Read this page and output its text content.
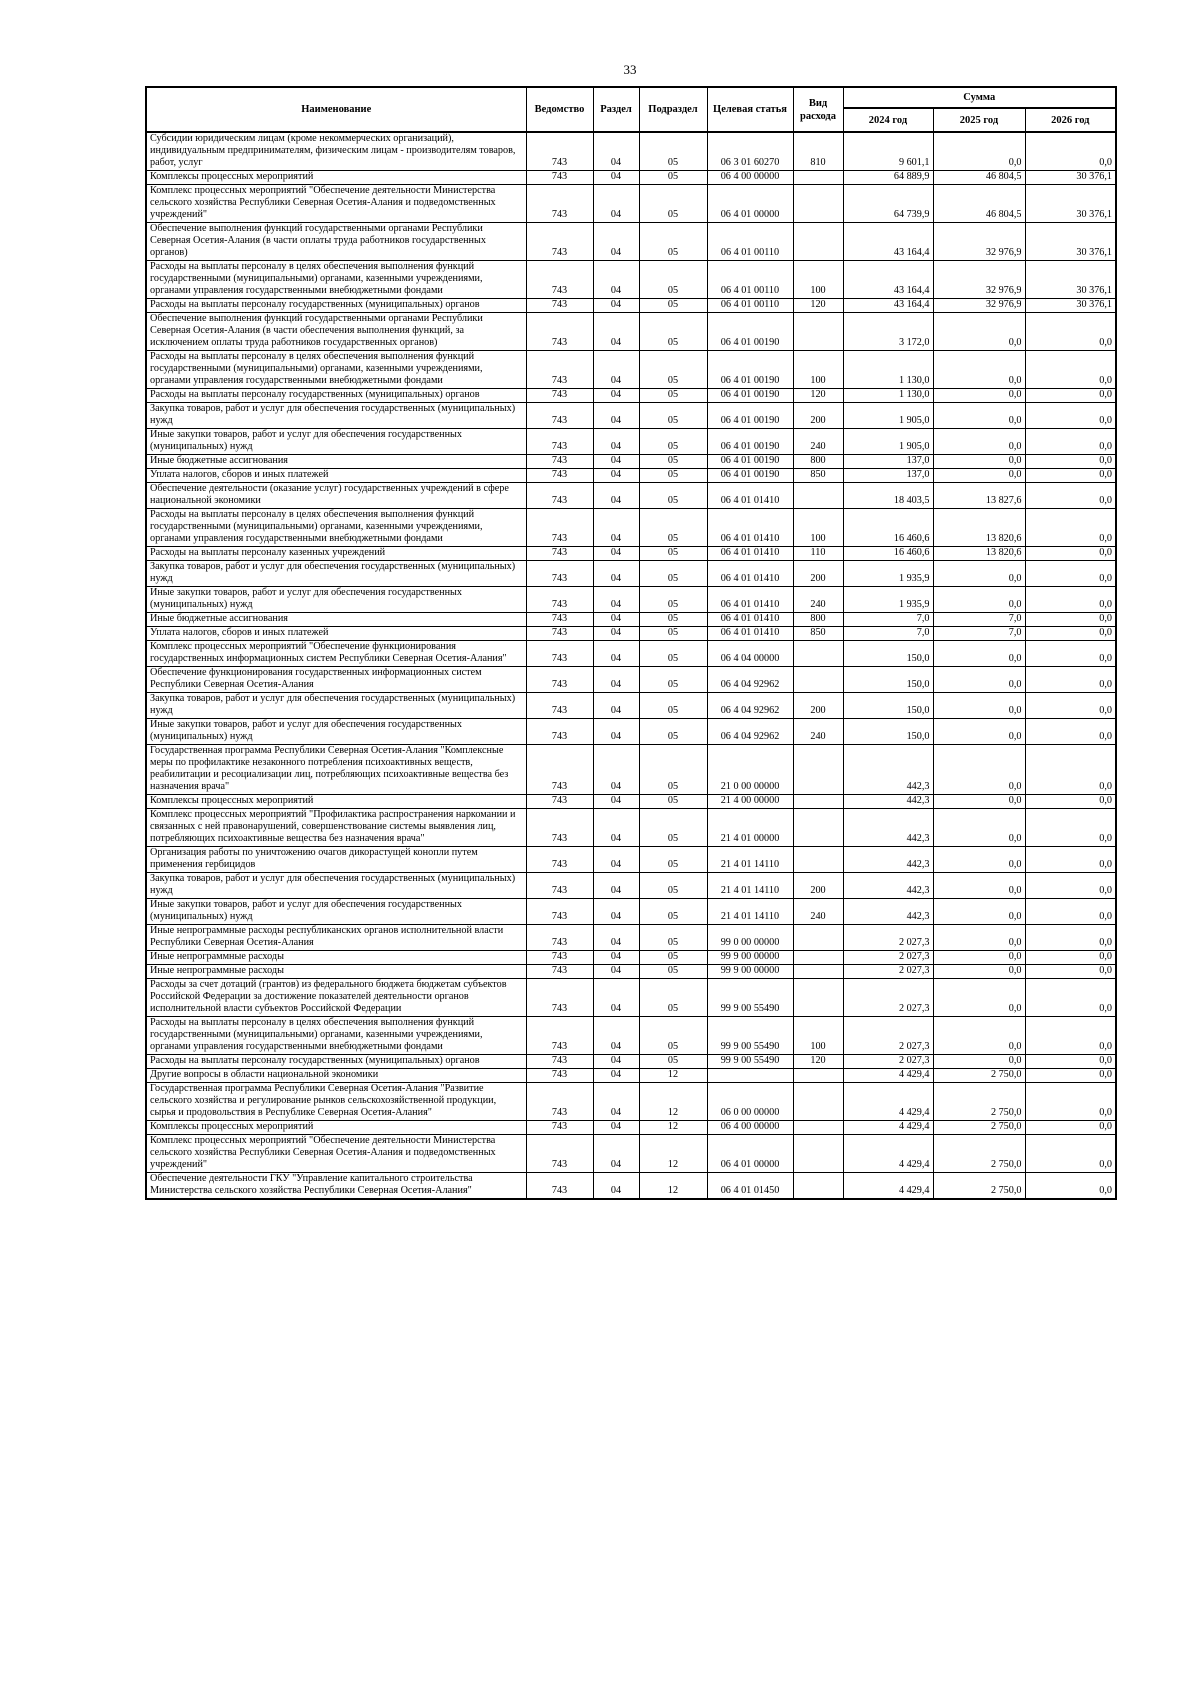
33
Наименование	Ведомство	Раздел	Подраздел	Целевая статья	Вид расхода	Сумма		
						2024 год	2025 год	2026 год
Субсидии юридическим лицам (кроме некоммерческих организаций), индивидуальным предпринимателям, физическим лицам - производителям товаров, работ, услуг	743	04	05	06 3 01 60270	810	9 601,1	0,0	0,0
Комплексы процессных мероприятий	743	04	05	06 4 00 00000		64 889,9	46 804,5	30 376,1
Комплекс процессных мероприятий "Обеспечение деятельности Министерства сельского хозяйства Республики Северная Осетия-Алания и подведомственных учреждений"	743	04	05	06 4 01 00000		64 739,9	46 804,5	30 376,1
Обеспечение выполнения функций государственными органами Республики Северная Осетия-Алания (в части оплаты труда работников государственных органов)	743	04	05	06 4 01 00110		43 164,4	32 976,9	30 376,1
Расходы на выплаты персоналу в целях обеспечения выполнения функций государственными (муниципальными) органами, казенными учреждениями, органами управления государственными внебюджетными фондами	743	04	05	06 4 01 00110	100	43 164,4	32 976,9	30 376,1
Расходы на выплаты персоналу государственных (муниципальных) органов	743	04	05	06 4 01 00110	120	43 164,4	32 976,9	30 376,1
Обеспечение выполнения функций государственными органами Республики Северная Осетия-Алания (в части обеспечения выполнения функций, за исключением оплаты труда работников государственных органов)	743	04	05	06 4 01 00190		3 172,0	0,0	0,0
Расходы на выплаты персоналу в целях обеспечения выполнения функций государственными (муниципальными) органами, казенными учреждениями, органами управления государственными внебюджетными фондами	743	04	05	06 4 01 00190	100	1 130,0	0,0	0,0
Расходы на выплаты персоналу государственных (муниципальных) органов	743	04	05	06 4 01 00190	120	1 130,0	0,0	0,0
Закупка товаров, работ и услуг для обеспечения государственных (муниципальных) нужд	743	04	05	06 4 01 00190	200	1 905,0	0,0	0,0
Иные закупки товаров, работ и услуг для обеспечения государственных (муниципальных) нужд	743	04	05	06 4 01 00190	240	1 905,0	0,0	0,0
Иные бюджетные ассигнования	743	04	05	06 4 01 00190	800	137,0	0,0	0,0
Уплата налогов, сборов и иных платежей	743	04	05	06 4 01 00190	850	137,0	0,0	0,0
Обеспечение деятельности (оказание услуг) государственных учреждений в сфере национальной экономики	743	04	05	06 4 01 01410		18 403,5	13 827,6	0,0
Расходы на выплаты персоналу в целях обеспечения выполнения функций государственными (муниципальными) органами, казенными учреждениями, органами управления государственными внебюджетными фондами	743	04	05	06 4 01 01410	100	16 460,6	13 820,6	0,0
Расходы на выплаты персоналу казенных учреждений	743	04	05	06 4 01 01410	110	16 460,6	13 820,6	0,0
Закупка товаров, работ и услуг для обеспечения государственных (муниципальных) нужд	743	04	05	06 4 01 01410	200	1 935,9	0,0	0,0
Иные закупки товаров, работ и услуг для обеспечения государственных (муниципальных) нужд	743	04	05	06 4 01 01410	240	1 935,9	0,0	0,0
Иные бюджетные ассигнования	743	04	05	06 4 01 01410	800	7,0	7,0	0,0
Уплата налогов, сборов и иных платежей	743	04	05	06 4 01 01410	850	7,0	7,0	0,0
Комплекс процессных мероприятий "Обеспечение функционирования государственных информационных систем Республики Северная Осетия-Алания"	743	04	05	06 4 04 00000		150,0	0,0	0,0
Обеспечение функционирования государственных информационных систем Республики Северная Осетия-Алания	743	04	05	06 4 04 92962		150,0	0,0	0,0
Закупка товаров, работ и услуг для обеспечения государственных (муниципальных) нужд	743	04	05	06 4 04 92962	200	150,0	0,0	0,0
Иные закупки товаров, работ и услуг для обеспечения государственных (муниципальных) нужд	743	04	05	06 4 04 92962	240	150,0	0,0	0,0
Государственная программа Республики Северная Осетия-Алания "Комплексные меры по профилактике незаконного потребления психоактивных веществ, реабилитации и ресоциализации лиц, потребляющих психоактивные вещества без назначения врача"	743	04	05	21 0 00 00000		442,3	0,0	0,0
Комплексы процессных мероприятий	743	04	05	21 4 00 00000		442,3	0,0	0,0
Комплекс процессных мероприятий "Профилактика распространения наркомании и связанных с ней правонарушений, совершенствование системы выявления лиц, потребляющих психоактивные вещества без назначения врача"	743	04	05	21 4 01 00000		442,3	0,0	0,0
Организация работы по уничтожению очагов дикорастущей конопли путем применения гербицидов	743	04	05	21 4 01 14110		442,3	0,0	0,0
Закупка товаров, работ и услуг для обеспечения государственных (муниципальных) нужд	743	04	05	21 4 01 14110	200	442,3	0,0	0,0
Иные закупки товаров, работ и услуг для обеспечения государственных (муниципальных) нужд	743	04	05	21 4 01 14110	240	442,3	0,0	0,0
Иные непрограммные расходы республиканских органов исполнительной власти Республики Северная Осетия-Алания	743	04	05	99 0 00 00000		2 027,3	0,0	0,0
Иные непрограммные расходы	743	04	05	99 9 00 00000		2 027,3	0,0	0,0
Иные непрограммные расходы	743	04	05	99 9 00 00000		2 027,3	0,0	0,0
Расходы за счет дотаций (грантов) из федерального бюджета бюджетам субъектов Российской Федерации за достижение показателей деятельности органов исполнительной власти субъектов Российской Федерации	743	04	05	99 9 00 55490		2 027,3	0,0	0,0
Расходы на выплаты персоналу в целях обеспечения выполнения функций государственными (муниципальными) органами, казенными учреждениями, органами управления государственными внебюджетными фондами	743	04	05	99 9 00 55490	100	2 027,3	0,0	0,0
Расходы на выплаты персоналу государственных (муниципальных) органов	743	04	05	99 9 00 55490	120	2 027,3	0,0	0,0
Другие вопросы в области национальной экономики	743	04	12			4 429,4	2 750,0	0,0
Государственная программа Республики Северная Осетия-Алания "Развитие сельского хозяйства и регулирование рынков сельскохозяйственной продукции, сырья и продовольствия в Республике Северная Осетия-Алания"	743	04	12	06 0 00 00000		4 429,4	2 750,0	0,0
Комплексы процессных мероприятий	743	04	12	06 4 00 00000		4 429,4	2 750,0	0,0
Комплекс процессных мероприятий "Обеспечение деятельности Министерства сельского хозяйства Республики Северная Осетия-Алания и подведомственных учреждений"	743	04	12	06 4 01 00000		4 429,4	2 750,0	0,0
Обеспечение деятельности ГКУ "Управление капитального строительства Министерства сельского хозяйства Республики Северная Осетия-Алания"	743	04	12	06 4 01 01450		4 429,4	2 750,0	0,0
